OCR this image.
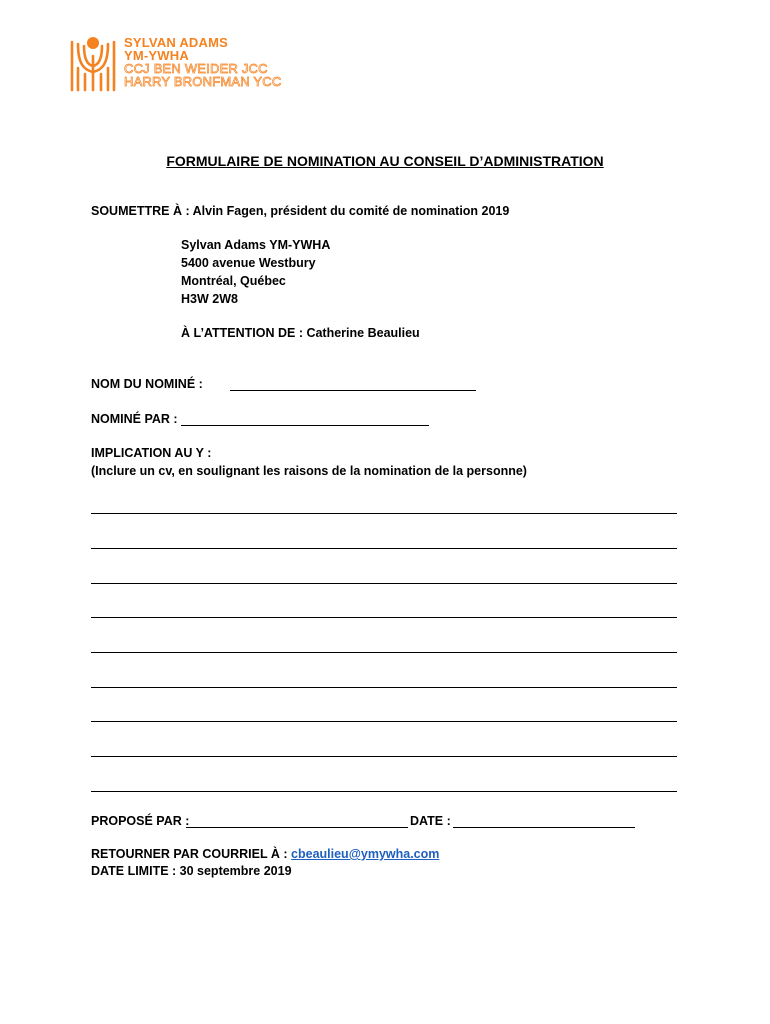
SYLVAN ADAMS
YM-YWHA
CCJ BEN WEIDER JCC
HARRY BRONFMAN YCC
FORMULAIRE DE NOMINATION AU CONSEIL D’ADMINISTRATION
SOUMETTRE À : Alvin Fagen, président du comité de nomination 2019
Sylvan Adams YM-YWHA
5400 avenue Westbury
Montréal, Québec
H3W 2W8
À L’ATTENTION DE : Catherine Beaulieu
NOM DU NOMINÉ :
NOMINÉ PAR :
IMPLICATION AU Y :
(Inclure un cv, en soulignant les raisons de la nomination de la personne)
PROPOSÉ PAR :	DATE :
RETOURNER PAR COURRIEL À : cbeaulieu@ymywha.com
DATE LIMITE : 30 septembre 2019
